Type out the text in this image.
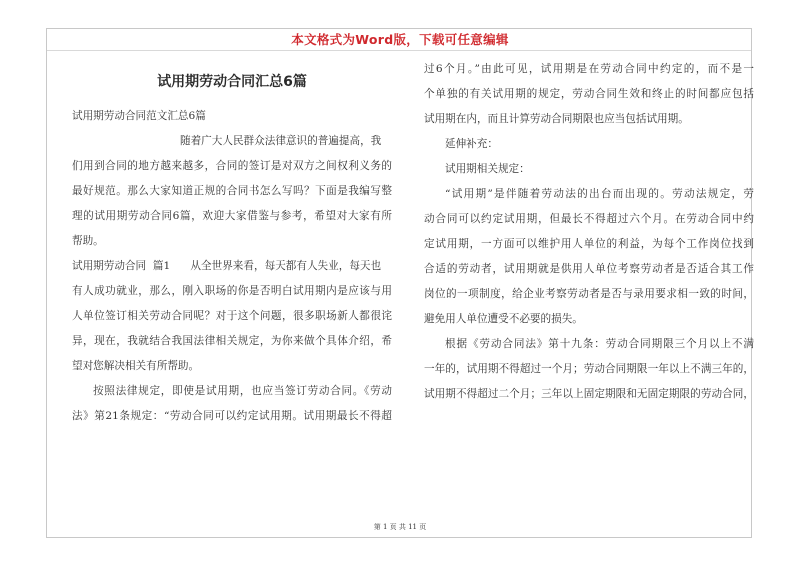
本文格式为Word版，下载可任意编辑
试用期劳动合同汇总6篇
试用期劳动合同范文汇总6篇
随着广大人民群众法律意识的普遍提高，我
们用到合同的地方越来越多，合同的签订是对双方之间权利义务的
最好规范。那么大家知道正规的合同书怎么写吗？下面是我编写整
理的试用期劳动合同6篇，欢迎大家借鉴与参考，希望对大家有所
帮助。
试用期劳动合同  篇1      从全世界来看，每天都有人失业，每天也
有人成功就业，那么，刚入职场的你是否明白试用期内是应该与用
人单位签订相关劳动合同呢？对于这个问题，很多职场新人都很诧
异，现在，我就结合我国法律相关规定，为你来做个具体介绍，希
望对您解决相关有所帮助。
按照法律规定，即使是试用期，也应当签订劳动合同。《劳动
法》第21条规定：“劳动合同可以约定试用期。试用期最长不得超
过6个月。”由此可见，试用期是在劳动合同中约定的，而不是一
个单独的有关试用期的规定，劳动合同生效和终止的时间都应包括
试用期在内，而且计算劳动合同期限也应当包括试用期。
延伸补充：
试用期相关规定：
“试用期”是伴随着劳动法的出台而出现的。劳动法规定，劳
动合同可以约定试用期，但最长不得超过六个月。在劳动合同中约
定试用期，一方面可以维护用人单位的利益，为每个工作岗位找到
合适的劳动者，试用期就是供用人单位考察劳动者是否适合其工作
岗位的一项制度，给企业考察劳动者是否与录用要求相一致的时间，
避免用人单位遭受不必要的损失。
根据《劳动合同法》第十九条：劳动合同期限三个月以上不满
一年的，试用期不得超过一个月；劳动合同期限一年以上不满三年的，
试用期不得超过二个月；三年以上固定期限和无固定期限的劳动合同，
第 1 页 共 11 页
